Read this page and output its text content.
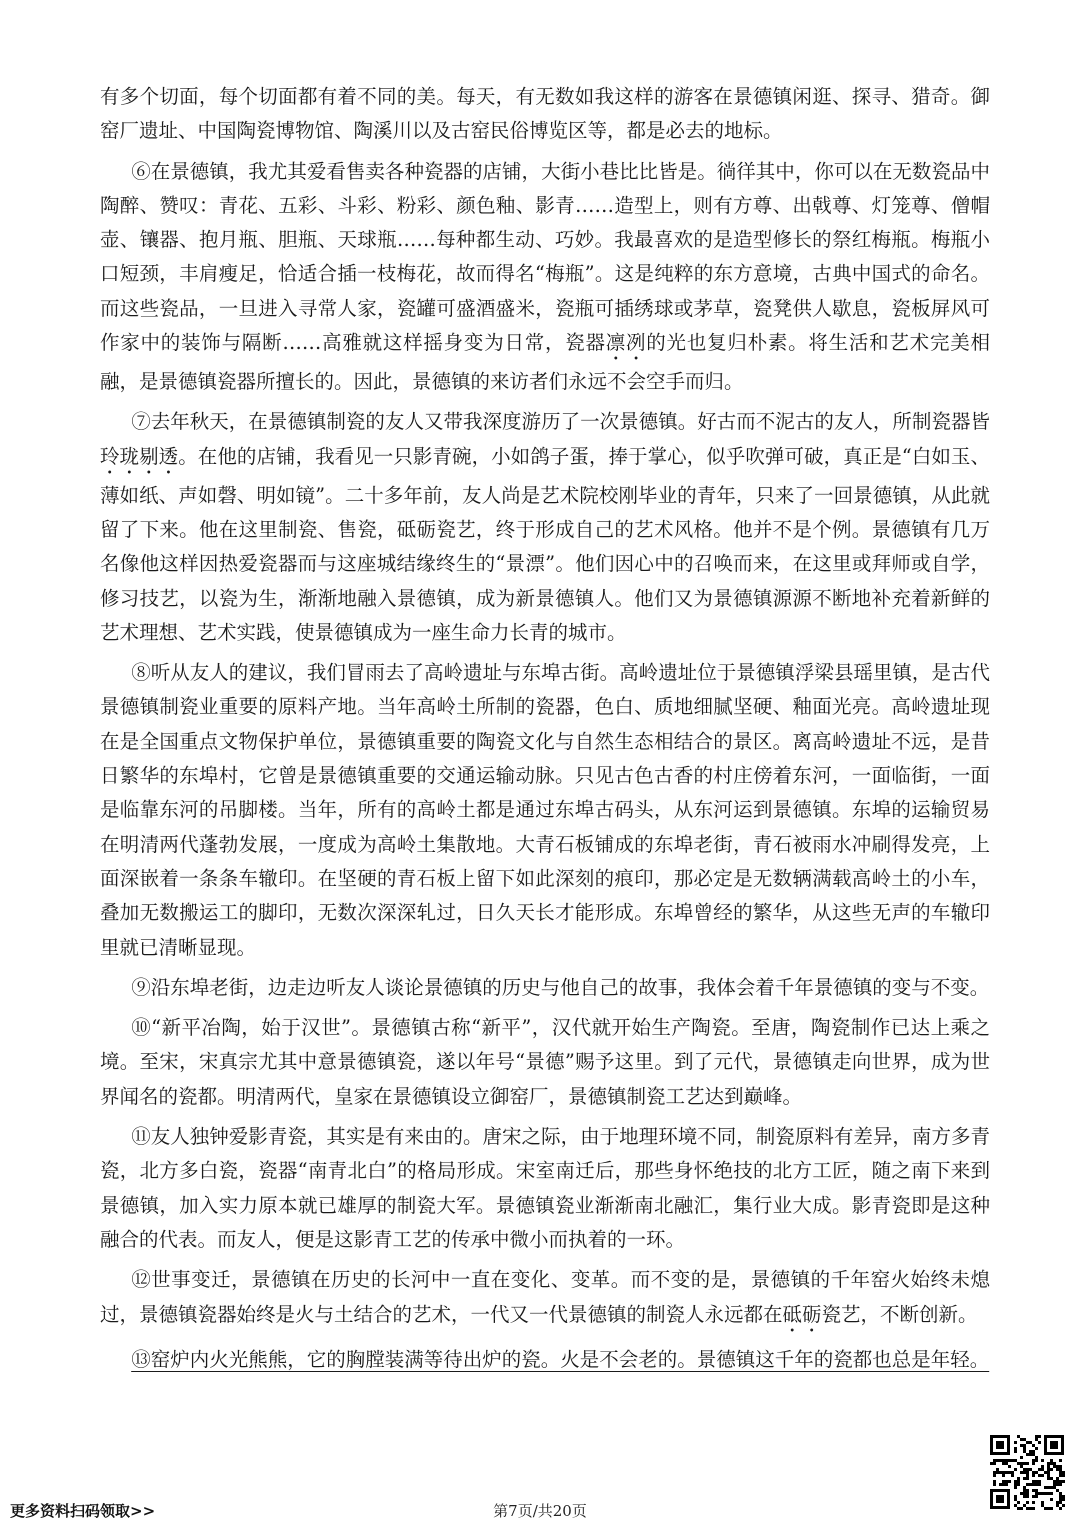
有多个切面，每个切面都有着不同的美。每天，有无数如我这样的游客在景德镇闲逛、探寻、猎奇。御窑厂遗址、中国陶瓷博物馆、陶溪川以及古窑民俗博览区等，都是必去的地标。

⑥在景德镇，我尤其爱看售卖各种瓷器的店铺，大街小巷比比皆是。徜徉其中，你可以在无数瓷品中陶醉、赞叹：青花、五彩、斗彩、粉彩、颜色釉、影青……造型上，则有方尊、出戟尊、灯笼尊、僧帽壶、镶器、抱月瓶、胆瓶、天球瓶……每种都生动、巧妙。我最喜欢的是造型修长的祭红梅瓶。梅瓶小口短颈，丰肩瘦足，恰适合插一枝梅花，故而得名“梅瓶”。这是纯粹的东方意境，古典中国式的命名。而这些瓷品，一旦进入寻常人家，瓷罐可盛酒盛米，瓷瓶可插绣球或茅草，瓷凳供人歇息，瓷板屏风可作家中的装饰与隔断……高雅就这样摇身变为日常，瓷器凛冽的光也复归朴素。将生活和艺术完美相融，是景德镇瓷器所擅长的。因此，景德镇的来访者们永远不会空手而归。

⑦去年秋天，在景德镇制瓷的友人又带我深度游历了一次景德镇。好古而不泥古的友人，所制瓷器皆玲珑剔透。在他的店铺，我看见一只影青碗，小如鸽子蛋，捧于掌心，似乎吹弹可破，真正是“白如玉、薄如纸、声如磬、明如镜”。二十多年前，友人尚是艺术院校刚毕业的青年，只来了一回景德镇，从此就留了下来。他在这里制瓷、售瓷，砥砺瓷艺，终于形成自己的艺术风格。他并不是个例。景德镇有几万名像他这样因热爱瓷器而与这座城结缘终生的“景漂”。他们因心中的召唤而来，在这里或拜师或自学，修习技艺，以瓷为生，渐渐地融入景德镇，成为新景德镇人。他们又为景德镇源源不断地补充着新鲜的艺术理想、艺术实践，使景德镇成为一座生命力长青的城市。

⑧听从友人的建议，我们冒雨去了高岭遗址与东埠古街。高岭遗址位于景德镇浮梁县瑶里镇，是古代景德镇制瓷业重要的原料产地。当年高岭土所制的瓷器，色白、质地细腻坚硬、釉面光亮。高岭遗址现在是全国重点文物保护单位，景德镇重要的陶瓷文化与自然生态相结合的景区。离高岭遗址不远，是昔日繁华的东埠村，它曾是景德镇重要的交通运输动脉。只见古色古香的村庄傍着东河，一面临街，一面是临靠东河的吊脚楼。当年，所有的高岭土都是通过东埠古码头，从东河运到景德镇。东埠的运输贸易在明清两代蓬勃发展，一度成为高岭土集散地。大青石板铺成的东埠老街，青石被雨水冲刷得发亮，上面深嵌着一条条车辙印。在坚硬的青石板上留下如此深刻的痕印，那必定是无数辆满载高岭土的小车，叠加无数搬运工的脚印，无数次深深轧过，日久天长才能形成。东埠曾经的繁华，从这些无声的车辙印里就已清晰显现。

⑨沿东埠老街，边走边听友人谈论景德镇的历史与他自己的故事，我体会着千年景德镇的变与不变。

⑩“新平冶陶，始于汉世”。景德镇古称“新平”，汉代就开始生产陶瓷。至唐，陶瓷制作已达上乘之境。至宋，宋真宗尤其中意景德镇瓷，遂以年号“景德”赐予这里。到了元代，景德镇走向世界，成为世界闻名的瓷都。明清两代，皇家在景德镇设立御窑厂，景德镇制瓷工艺达到巅峰。

⑪友人独钟爱影青瓷，其实是有来由的。唐宋之际，由于地理环境不同，制瓷原料有差异，南方多青瓷，北方多白瓷，瓷器“南青北白”的格局形成。宋室南迁后，那些身怀绝技的北方工匠，随之南下来到景德镇，加入实力原本就已雄厚的制瓷大军。景德镇瓷业渐渐南北融汇，集行业大成。影青瓷即是这种融合的代表。而友人，便是这影青工艺的传承中微小而执着的一环。

⑫世事变迁，景德镇在历史的长河中一直在变化、变革。而不变的是，景德镇的千年窑火始终未熄过，景德镇瓷器始终是火与土结合的艺术，一代又一代景德镇的制瓷人永远都在砥砺瓷艺，不断创新。

⑬窑炉内火光熊熊，它的胸膛装满等待出炉的瓷。火是不会老的。景德镇这千年的瓷都也总是年轻。

更多资料扫码领取>>	第7页/共20页
